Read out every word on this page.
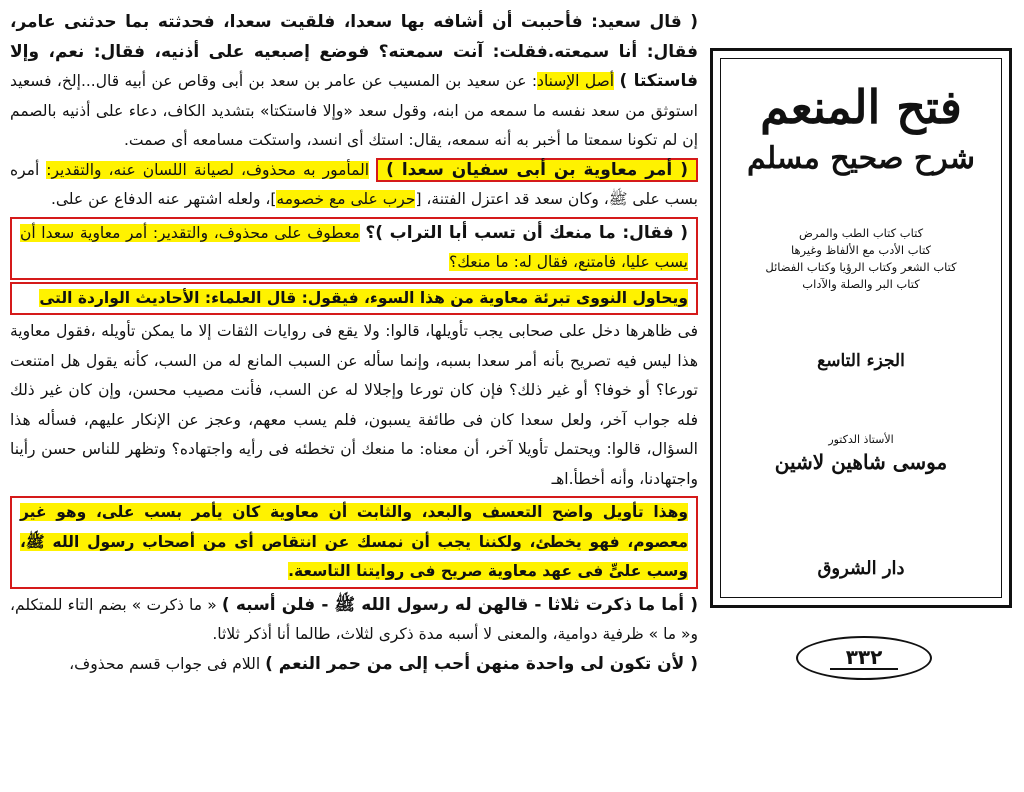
( قال سعيد: فأحببت أن أشافه بها سعدا، فلقيت سعدا، فحدثته بما حدثنى عامر، فقال: أنا سمعته.فقلت: آنت سمعته؟ فوضع إصبعيه على أذنيه، فقال: نعم، وإلا فاستكتا ) أصل الإسناد: عن سعيد بن المسيب عن عامر بن سعد بن أبى وقاص عن أبيه قال...إلخ، فسعيد استوثق من سعد نفسه ما سمعه من ابنه، وقول سعد «وإلا فاستكتا» بتشديد الكاف، دعاء على أذنيه بالصمم إن لم تكونا سمعتا ما أخبر به أنه سمعه، يقال: استك أى انسد، واستكت مسامعه أى صمت.

( أمر معاوية بن أبى سفيان سعدا ) المأمور به محذوف، لصيانة اللسان عنه، والتقدير: أمره بسب على ﷺ، وكان سعد قد اعتزل الفتنة، [حرب على مع خصومه]، ولعله اشتهر عنه الدفاع عن على.

( فقال: ما منعك أن تسب أبا التراب )؟ معطوف على محذوف، والتقدير: أمر معاوية سعدا أن يسب عليا، فامتنع، فقال له: ما منعك؟
ويحاول النووى تبرئة معاوية من هذا السوء، فيقول: قال العلماء: الأحاديث الواردة التى

فى ظاهرها دخل على صحابى يجب تأويلها، قالوا: ولا يقع فى روايات الثقات إلا ما يمكن تأويله ،فقول معاوية هذا ليس فيه تصريح بأنه أمر سعدا بسبه، وإنما سأله عن السبب المانع له من السب، كأنه يقول هل امتنعت تورعا؟ أو خوفا؟ أو غير ذلك؟ فإن كان تورعا وإجلالا له عن السب، فأنت مصيب محسن، وإن كان غير ذلك فله جواب آخر، ولعل سعدا كان فى طائفة يسبون، فلم يسب معهم، وعجز عن الإنكار عليهم، فسأله هذا السؤال، قالوا: ويحتمل تأويلا آخر، أن معناه: ما منعك أن تخطئه فى رأيه واجتهاده؟ وتظهر للناس حسن رأينا واجتهادنا، وأنه أخطأ.اهـ

وهذا تأويل واضح التعسف والبعد، والثابت أن معاوية كان يأمر بسب على، وهو غير معصوم، فهو يخطئ، ولكننا يجب أن نمسك عن انتقاص أى من أصحاب رسول الله ﷺ، وسب علىٍّ فى عهد معاوية صريح فى روايتنا التاسعة.

( أما ما ذكرت ثلاثا - قالهن له رسول الله ﷺ - فلن أسبه ) « ما ذكرت » بضم التاء للمتكلم، و« ما » ظرفية دوامية، والمعنى لا أسبه مدة ذكرى لثلاث، طالما أنا أذكر ثلاثا.

( لأن تكون لى واحدة منهن أحب إلى من حمر النعم ) اللام فى جواب قسم محذوف،

فتح المنعم
شرح صحيح مسلم
كتاب كتاب الطب والمرض
كتاب الأدب مع الألفاظ وغيرها
كتاب الشعر وكتاب الرؤيا وكتاب الفضائل
كتاب البر والصلة والآداب
الجزء التاسع
الأستاذ الدكتور
موسى شاهين لاشين
دار الشروق
٣٣٢
